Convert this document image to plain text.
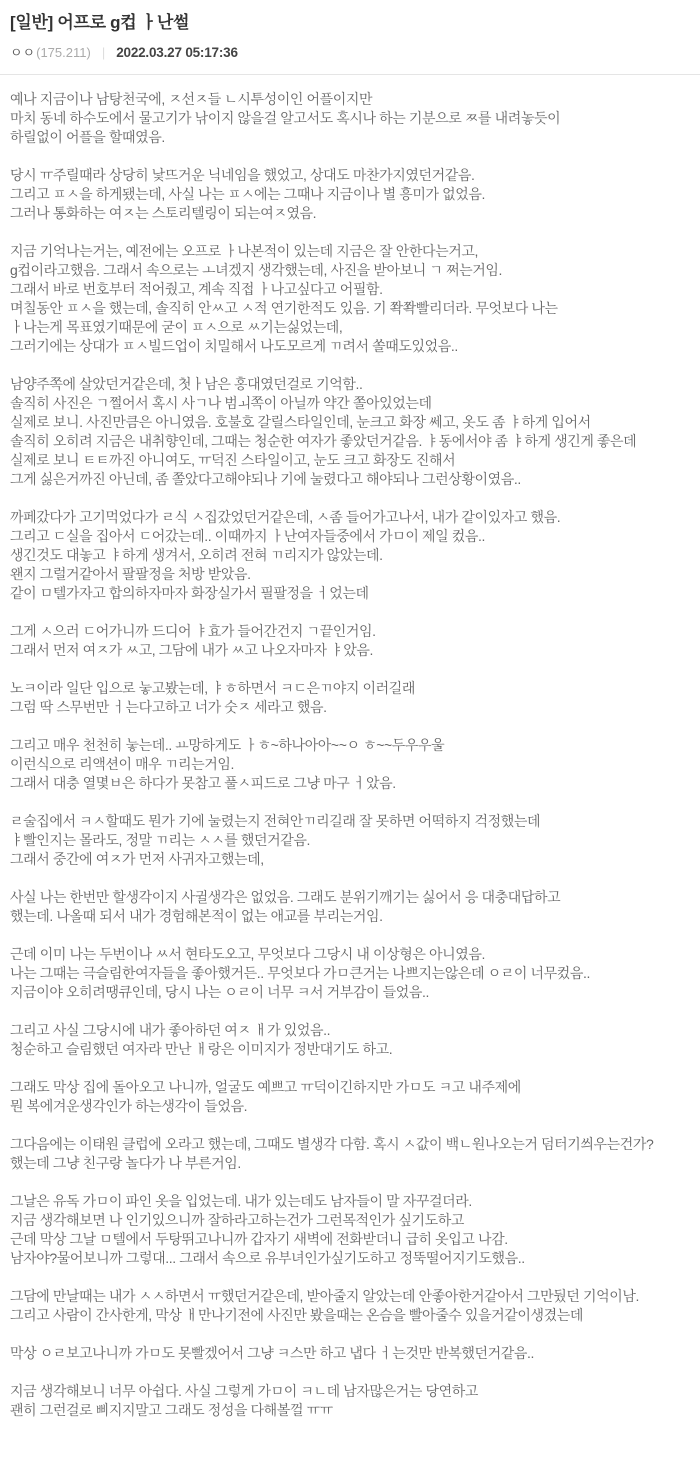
[일반] 어프로 g컵 ㅏ난썰
ㅇㅇ (175.211) | 2022.03.27 05:17:36

예나 지금이나 남탕천국에, ㅈ선ㅈ들 ㄴ시투성이인 어플이지만
마치 동네 하수도에서 물고기가 낚이지 않을걸 알고서도 혹시나 하는 기분으로 ㅉ를 내려놓듯이
하릴없이 어플을 할때였음.

당시 ㅠ주릴때라 상당히 낯뜨거운 닉네임을 했었고, 상대도 마찬가지였던거같음.
그리고 ㅍㅅ을 하게됐는데, 사실 나는 ㅍㅅ에는 그때나 지금이나 별 흥미가 없었음.
그러나 통화하는 여ㅈ는 스토리텔링이 되는여ㅈ였음.

지금 기억나는거는, 예전에는 오프로 ㅏ나본적이 있는데 지금은 잘 안한다는거고,
g컵이라고했음. 그래서 속으로는 ㅗ녀겠지 생각했는데, 사진을 받아보니 ㄱ 쩌는거임.
그래서 바로 번호부터 적어줬고, 계속 직접 ㅏ나고싶다고 어필함.
며칠동안 ㅍㅅ을 했는데, 솔직히 안ㅆ고 ㅅ적 연기한적도 있음. 기 쫙쫙빨리더라. 무엇보다 나는
ㅏ나는게 목표였기때문에 굳이 ㅍㅅ으로 ㅆ기는싫었는데,
그러기에는 상대가 ㅍㅅ빌드업이 치밀해서 나도모르게 ㄲ려서 쏠때도있었음..

남양주쪽에 살았던거같은데, 첫ㅏ남은 홍대였던걸로 기억함..
솔직히 사진은 ㄱ쩔어서 혹시 사ㄱ나 범ㅚ쪽이 아닐까 약간 쫄아있었는데
실제로 보니. 사진만큼은 아니였음. 호불호 갈릴스타일인데, 눈크고 화장 쎄고, 옷도 좀 ㅑ하게 입어서
솔직히 오히려 지금은 내취향인데, 그때는 청순한 여자가 좋았던거같음. ㅑ동에서야 좀 ㅑ하게 생긴게 좋은데
실제로 보니 ㅌㅌ까진 아니여도, ㅠ덕진 스타일이고, 눈도 크고 화장도 진해서
그게 싫은거까진 아닌데, 좀 쫄았다고해야되나 기에 눌렸다고 해야되나 그런상황이였음..

까페갔다가 고기먹었다가 ㄹ식 ㅅ집갔었던거같은데, ㅅ좀 들어가고나서, 내가 같이있자고 했음.
그리고 ㄷ실을 집아서 ㄷ어갔는데.. 이때까지 ㅏ난여자들중에서 가ㅁ이 제일 컸음..
생긴것도 대놓고 ㅑ하게 생겨서, 오히려 전혀 ㄲ리지가 않았는데.
왠지 그럴거같아서 팔팔정을 처방 받았음.
같이 ㅁ텔가자고 합의하자마자 화장실가서 필팔정을 ㅓ었는데

그게 ㅅ으러 ㄷ어가니까 드디어 ㅑ효가 들어간건지 ㄱ끝인거임.
그래서 먼저 여ㅈ가 ㅆ고, 그담에 내가 ㅆ고 나오자마자 ㅑ았음.

노ㅋ이라 일단 입으로 눟고봤는데, ㅑㅎ하면서 ㅋㄷ은ㄲ야지 이러길래
그럼 딱 스무번만 ㅓ는다고하고 너가 숫ㅈ 세라고 했음.

그리고 매우 천천히 눟는데.. ㅛ망하게도 ㅏㅎ~하나아아~~ㅇ ㅎ~~두우우울
이런식으로 리액션이 매우 ㄲ리는거임.
그래서 대충 열몇ㅂ은 하다가 못참고 풀ㅅ피드로 그냥 마구 ㅓ았음.

ㄹ술집에서 ㅋㅅ할때도 뭔가 기에 눌렸는지 전혀안ㄲ리길래 잘 못하면 어떡하지 걱정했는데
ㅑ빨인지는 몰라도, 정말 ㄲ리는 ㅅㅅ를 했던거같음.
그래서 중간에 여ㅈ가 먼저 사귀자고했는데,

사실 나는 한번만 할생각이지 사귈생각은 없었음. 그래도 분위기깨기는 싫어서 응 대충대답하고
했는데. 나올때 되서 내가 경험해본적이 없는 애교를 부리는거임.

근데 이미 나는 두번이나 ㅆ서 현타도오고, 무엇보다 그당시 내 이상형은 아니였음.
나는 그때는 극슬림한여자들을 좋아했거든.. 무엇보다 가ㅁ큰거는 나쁘지는않은데 ㅇㄹ이 너무컸음..
지금이야 오히려땡큐인데, 당시 나는 ㅇㄹ이 너무 ㅋ서 거부감이 들었음..

그리고 사실 그당시에 내가 좋아하던 여ㅈ ㅐ가 있었음..
청순하고 슬림했던 여자라 만난 ㅐ랑은 이미지가 정반대기도 하고.

그래도 막상 집에 돌아오고 나니까, 얼굴도 예쁘고 ㅠ덕이긴하지만 가ㅁ도 ㅋ고 내주제에
뭔 복에겨운생각인가 하는생각이 들었음.

그다음에는 이태원 클럽에 오라고 했는데, 그때도 별생각 다함. 혹시 ㅅ값이 백ㄴ원나오는거 덤터기씌우는건가?
했는데 그냥 친구랑 놀다가 나 부른거임.

그날은 유독 가ㅁ이 파인 옷을 입었는데. 내가 있는데도 남자들이 말 자꾸걸더라.
지금 생각해보면 나 인기있으니까 잘하라고하는건가 그런목적인가 싶기도하고
근데 막상 그날 ㅁ텔에서 두탕뛰고나니까 갑자기 새벽에 전화받더니 급히 옷입고 나감.
남자야?물어보니까 그렇대... 그래서 속으로 유부녀인가싶기도하고 정뚝떨어지기도했음..

그담에 만날때는 내가 ㅅㅅ하면서 ㅠ했던거같은데, 받아줄지 알았는데 안좋아한거같아서 그만뒀던 기억이남.
그리고 사람이 간사한게, 막상 ㅐ만나기전에 사진만 봤을때는 온슴을 빨아줄수 있을거같이생겼는데

막상 ㅇㄹ보고나니까 가ㅁ도 못빨겠어서 그냥 ㅋ스만 하고 냅다 ㅓ는것만 반복했던거같음..

지금 생각해보니 너무 아쉽다. 사실 그렇게 가ㅁ이 ㅋㄴ데 남자많은거는 당연하고
괜히 그런걸로 삐지지말고 그래도 정성을 다해볼껄 ㅠㅠ
